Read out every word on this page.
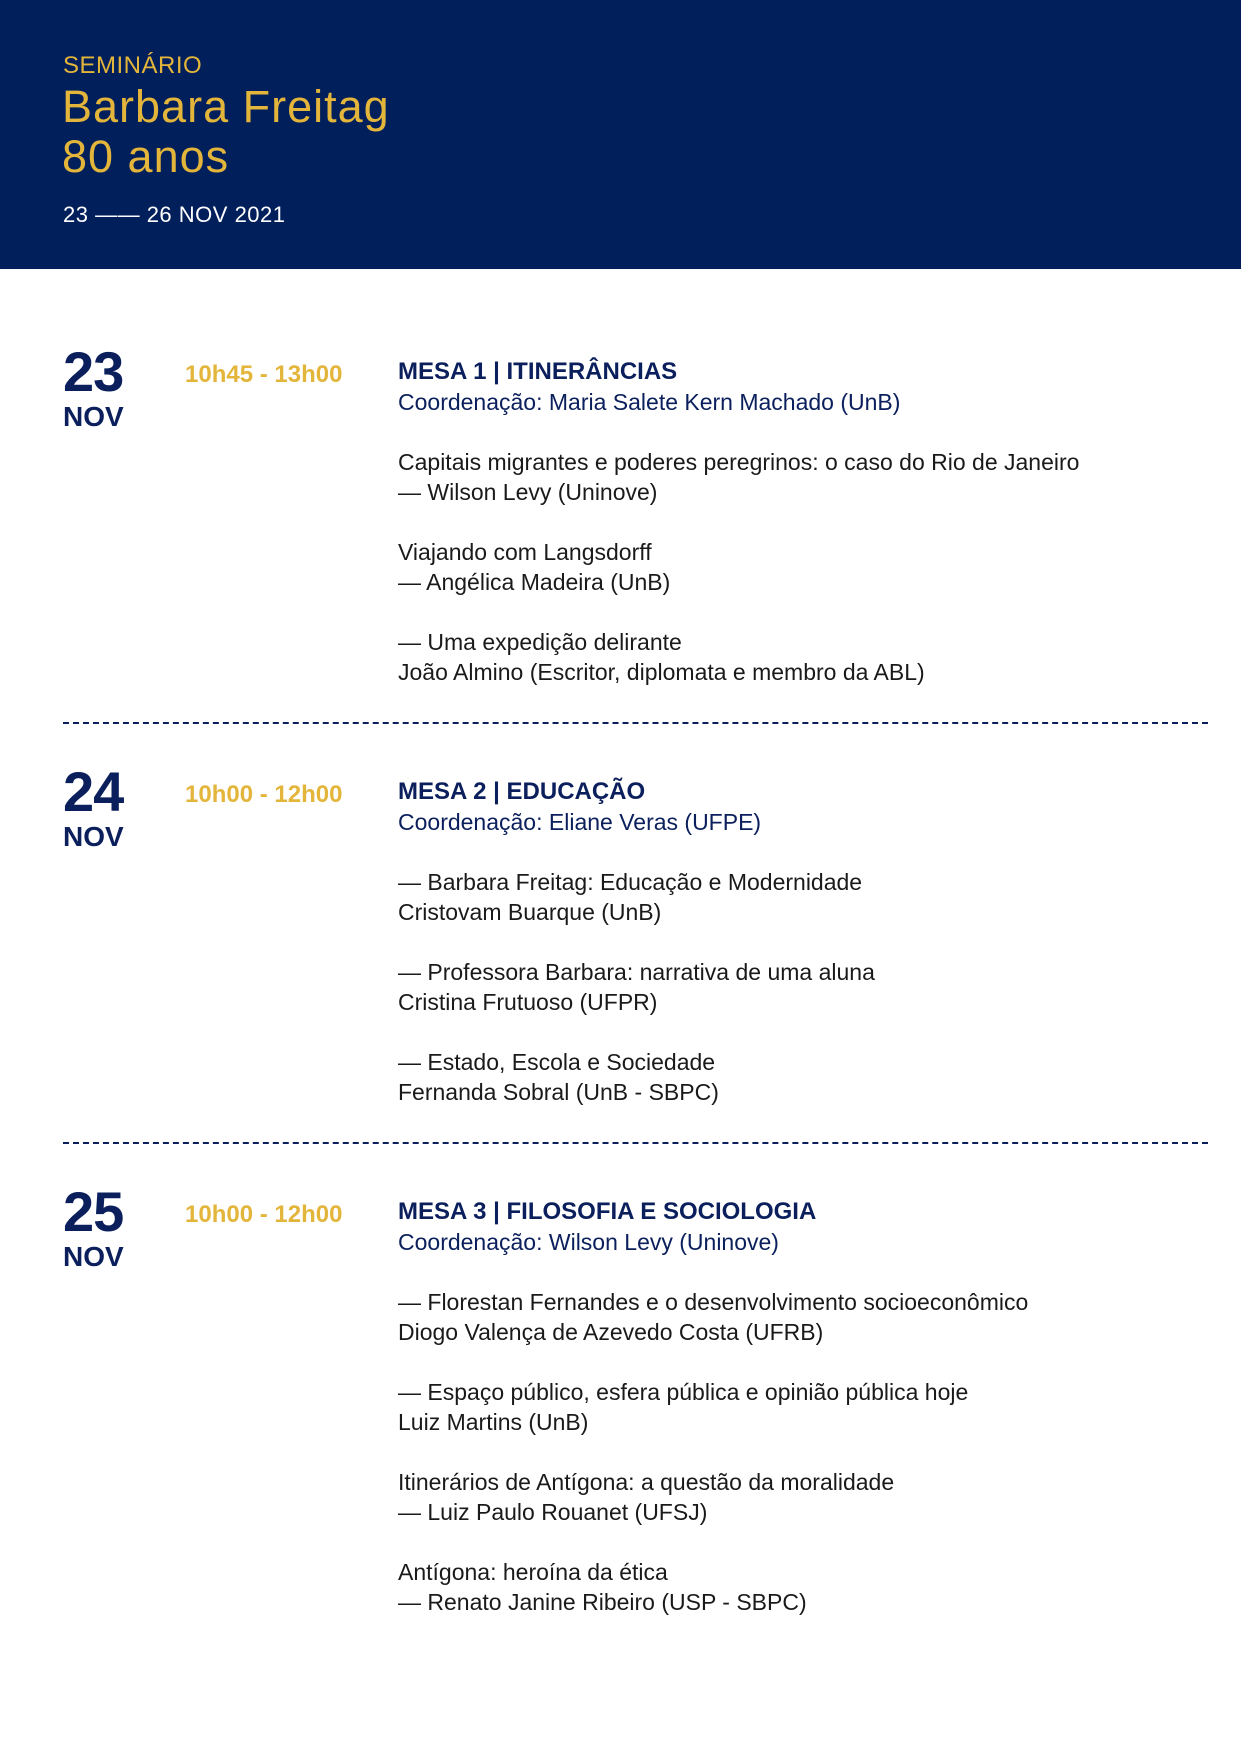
SEMINÁRIO
Barbara Freitag
80 anos
23 —— 26 NOV 2021
23
NOV
10h45 - 13h00 MESA 1 | ITINERÂNCIAS
Coordenação: Maria Salete Kern Machado (UnB)
Capitais migrantes e poderes peregrinos: o caso do Rio de Janeiro
— Wilson Levy (Uninove)
Viajando com Langsdorff
— Angélica Madeira (UnB)
— Uma expedição delirante
João Almino (Escritor, diplomata e membro da ABL)
24
NOV
10h00 - 12h00 MESA 2 | EDUCAÇÃO
Coordenação: Eliane Veras (UFPE)
— Barbara Freitag: Educação e Modernidade
Cristovam Buarque (UnB)
— Professora Barbara: narrativa de uma aluna
Cristina Frutuoso (UFPR)
— Estado, Escola e Sociedade
Fernanda Sobral (UnB - SBPC)
25
NOV
10h00 - 12h00 MESA 3 | FILOSOFIA E SOCIOLOGIA
Coordenação: Wilson Levy (Uninove)
— Florestan Fernandes e o desenvolvimento socioeconômico
Diogo Valença de Azevedo Costa (UFRB)
— Espaço público, esfera pública e opinião pública hoje
Luiz Martins (UnB)
Itinerários de Antígona: a questão da moralidade
— Luiz Paulo Rouanet (UFSJ)
Antígona: heroína da ética
— Renato Janine Ribeiro (USP - SBPC)
